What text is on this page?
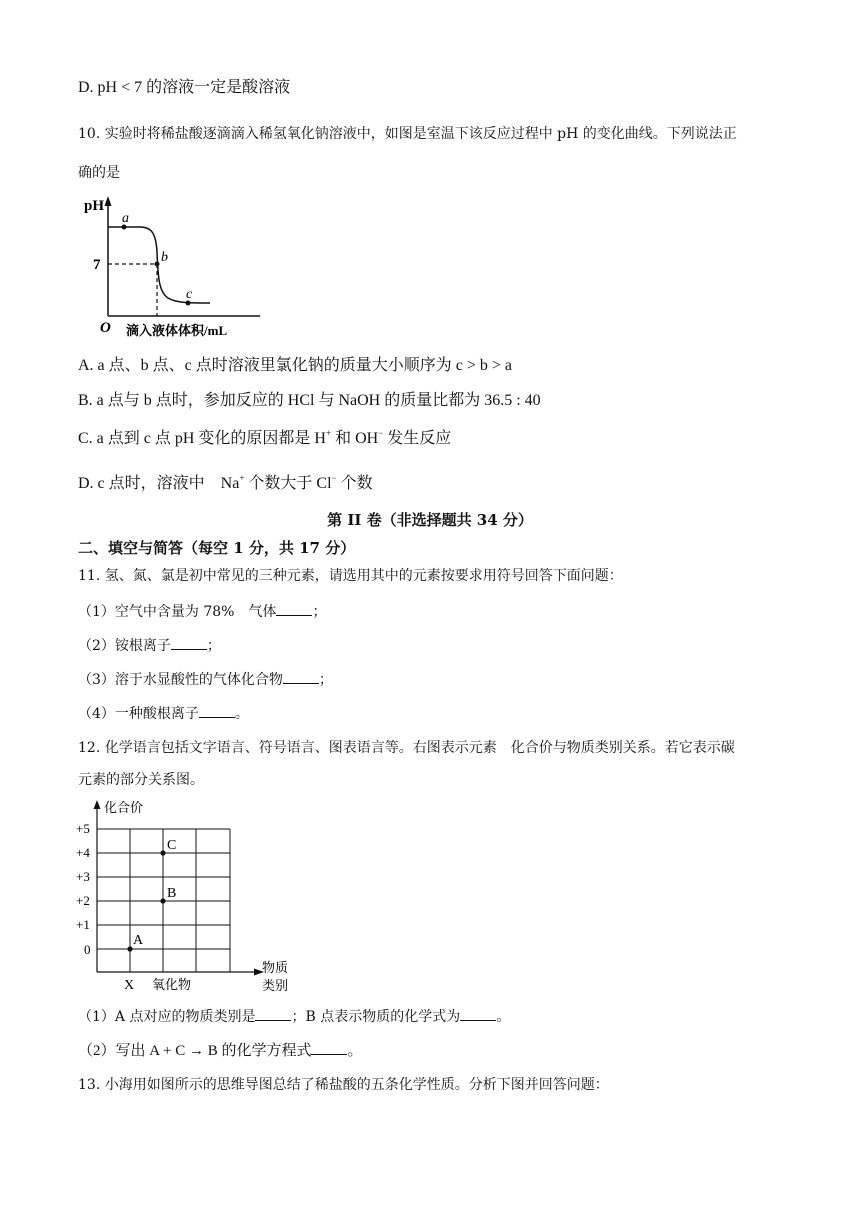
D. pH < 7 的溶液一定是酸溶液
10. 实验时将稀盐酸逐滴滴入稀氢氧化钠溶液中，如图是室温下该反应过程中 pH 的变化曲线。下列说法正
确的是
pH
7
O 滴入液体体积/mL
a
b
c
A. a 点、b 点、c 点时溶液里氯化钠的质量大小顺序为 c > b > a
B. a 点与 b 点时，参加反应的 HCl 与 NaOH 的质量比都为 36.5 : 40
C. a 点到 c 点 pH 变化的原因都是 H+ 和 OH− 发生反应
D. c 点时，溶液中　Na+ 个数大于 Cl− 个数
第 II 卷（非选择题共 34 分）
二、填空与简答（每空 1 分，共 17 分）
11. 氢、氮、氯是初中常见的三种元素，请选用其中的元素按要求用符号回答下面问题：
（1）空气中含量为 78%　气体	；
（2）铵根离子	；
（3）溶于水显酸性的气体化合物	；
（4）一种酸根离子	。
12. 化学语言包括文字语言、符号语言、图表语言等。右图表示元素　化合价与物质类别关系。若它表示碳
元素的部分关系图。
化合价
物质
类别
+5
+4
+3
+2
+1
0
X 氧化物
A
B
C
（1）A 点对应的物质类别是	；B 点表示物质的化学式为	。
（2）写出 A + C → B 的化学方程式 。
13. 小海用如图所示的思维导图总结了稀盐酸的五条化学性质。分析下图并回答问题：
